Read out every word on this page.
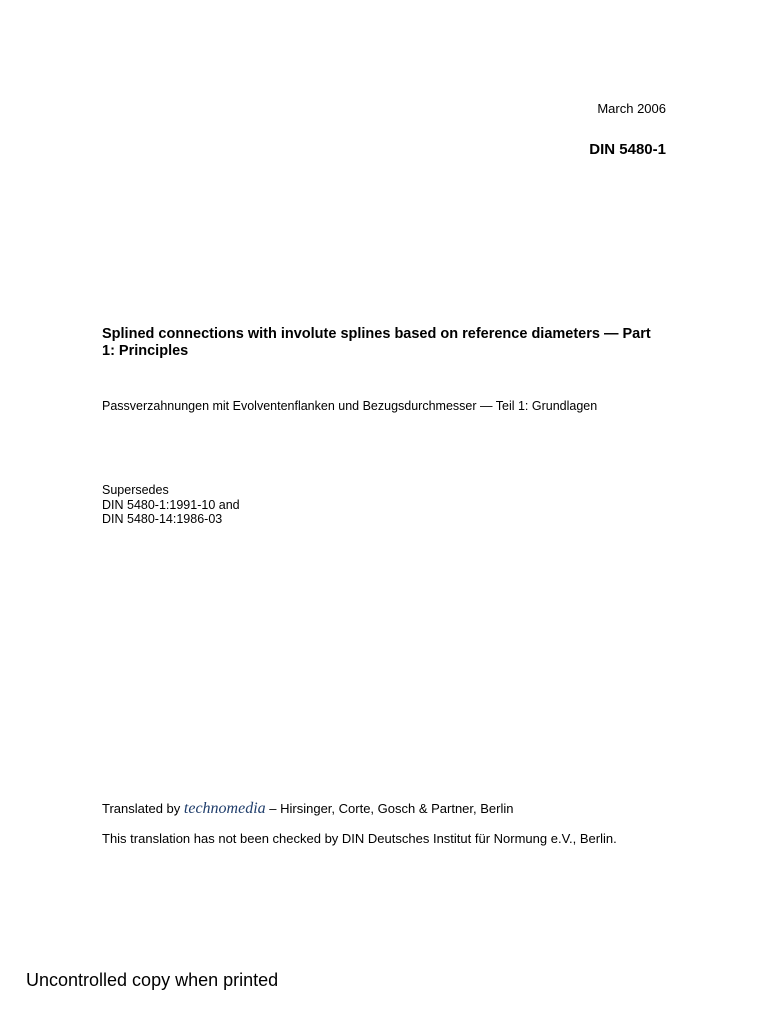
March 2006

DIN 5480-1

Splined connections with involute splines based on reference diameters — Part 1: Principles

Passverzahnungen mit Evolventenflanken und Bezugsdurchmesser — Teil 1: Grundlagen

Supersedes
DIN 5480-1:1991-10 and
DIN 5480-14:1986-03

Translated by technomedia – Hirsinger, Corte, Gosch & Partner, Berlin

This translation has not been checked by DIN Deutsches Institut für Normung e.V., Berlin.

Uncontrolled copy when printed
